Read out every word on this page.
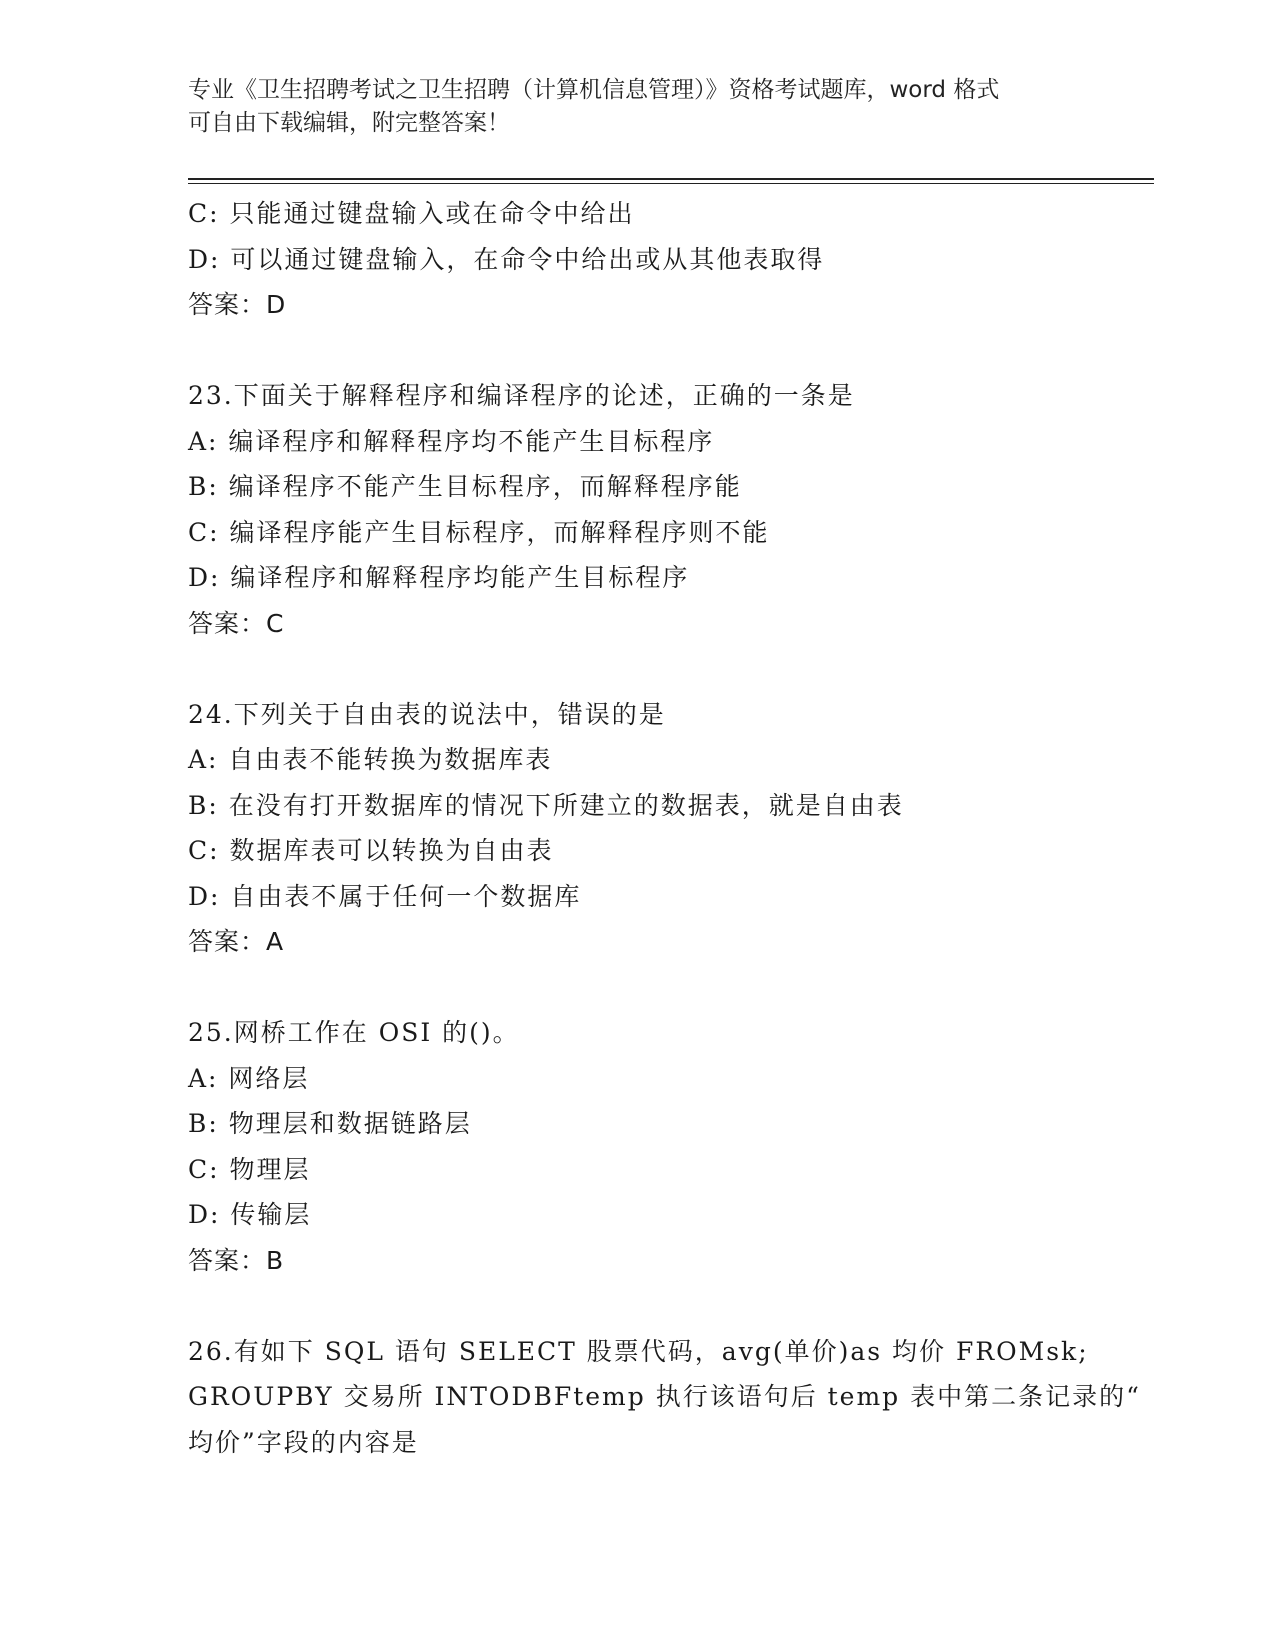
专业《卫生招聘考试之卫生招聘（计算机信息管理）》资格考试题库，word 格式
可自由下载编辑，附完整答案！
C: 只能通过键盘输入或在命令中给出
D: 可以通过键盘输入，在命令中给出或从其他表取得
答案：D
23.下面关于解释程序和编译程序的论述，正确的一条是
A: 编译程序和解释程序均不能产生目标程序
B: 编译程序不能产生目标程序，而解释程序能
C: 编译程序能产生目标程序，而解释程序则不能
D: 编译程序和解释程序均能产生目标程序
答案：C
24.下列关于自由表的说法中，错误的是
A: 自由表不能转换为数据库表
B: 在没有打开数据库的情况下所建立的数据表，就是自由表
C: 数据库表可以转换为自由表
D: 自由表不属于任何一个数据库
答案：A
25.网桥工作在 OSI 的()。
A: 网络层
B: 物理层和数据链路层
C: 物理层
D: 传输层
答案：B
26.有如下 SQL 语句 SELECT 股票代码，avg(单价)as 均价 FROMsk;
GROUPBY 交易所 INTODBFtemp 执行该语句后 temp 表中第二条记录的“
均价”字段的内容是
